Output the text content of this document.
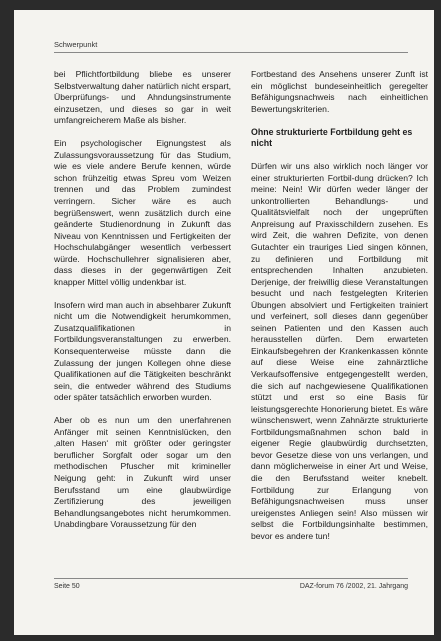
Schwerpunkt

bei Pflichtfortbildung bliebe es unserer Selbstverwaltung daher natürlich nicht erspart, Überprüfungs- und Ahndungsinstrumente einzusetzen, und dieses so gar in weit umfangreicherem Maße als bisher.

Ein psychologischer Eignungstest als Zulassungsvoraussetzung für das Studium, wie es viele andere Berufe kennen, würde schon frühzeitig etwas Spreu vom Weizen trennen und das Problem zumindest verringern. Sicher wäre es auch begrüßenswert, wenn zusätzlich durch eine geänderte Studienordnung in Zukunft das Niveau von Kenntnissen und Fertigkeiten der Hochschulabgänger wesentlich verbessert würde. Hochschullehrer signalisieren aber, dass dieses in der gegenwärtigen Zeit knapper Mittel völlig undenkbar ist.

Insofern wird man auch in absehbarer Zukunft nicht um die Notwendigkeit herumkommen, Zusatzqualifikationen in Fortbildungsveranstaltungen zu erwerben. Konsequenterweise müsste dann die Zulassung der jungen Kollegen ohne diese Qualifikationen auf die Tätigkeiten beschränkt sein, die entweder während des Studiums oder später tatsächlich erworben wurden.

Aber ob es nun um den unerfahrenen Anfänger mit seinen Kenntnislücken, den ‚alten Hasen‘ mit größter oder geringster beruflicher Sorgfalt oder sogar um den methodischen Pfuscher mit krimineller Neigung geht: in Zukunft wird unser Berufsstand um eine glaubwürdige Zertifizierung des jeweiligen Behandlungsangebotes nicht herumkommen. Unabdingbare Voraussetzung für den

Fortbestand des Ansehens unserer Zunft ist ein möglichst bundeseinheitlich geregelter Befähigungsnachweis nach einheitlichen Bewertungskriterien.

Ohne strukturierte Fortbildung geht es nicht

Dürfen wir uns also wirklich noch länger vor einer strukturierten Fortbil-dung drücken? Ich meine: Nein! Wir dürfen weder länger der unkontrollierten Behandlungs- und Qualitätsvielfalt noch der ungeprüften Anpreisung auf Praxisschildern zusehen. Es wird Zeit, die wahren Defizite, von denen Gutachter ein trauriges Lied singen können, zu definieren und Fortbildung mit entsprechenden Inhalten anzubieten. Derjenige, der freiwillig diese Veranstaltungen besucht und nach festgelegten Kriterien Übungen absolviert und Fertigkeiten trainiert und verfeinert, soll dieses dann gegenüber seinen Patienten und den Kassen auch herausstellen dürfen. Dem erwarteten Einkaufsbegehren der Krankenkassen könnte auf diese Weise eine zahnärztliche Verkaufsoffensive entgegengestellt werden, die sich auf nachgewiesene Qualifikationen stützt und erst so eine Basis für leistungsgerechte Honorierung bietet. Es wäre wünschenswert, wenn Zahnärzte strukturierte Fortbildungsmaßnahmen schon bald in eigener Regie glaubwürdig durchsetzten, bevor Gesetze diese von uns verlangen, und dann möglicherweise in einer Art und Weise, die den Berufsstand weiter knebelt. Fortbildung zur Erlangung von Befähigungsnachweisen muss unser ureigenstes Anliegen sein! Also müssen wir selbst die Fortbildungsinhalte bestimmen, bevor es andere tun!

Seite 50	DAZ-forum 76 /2002, 21. Jahrgang
